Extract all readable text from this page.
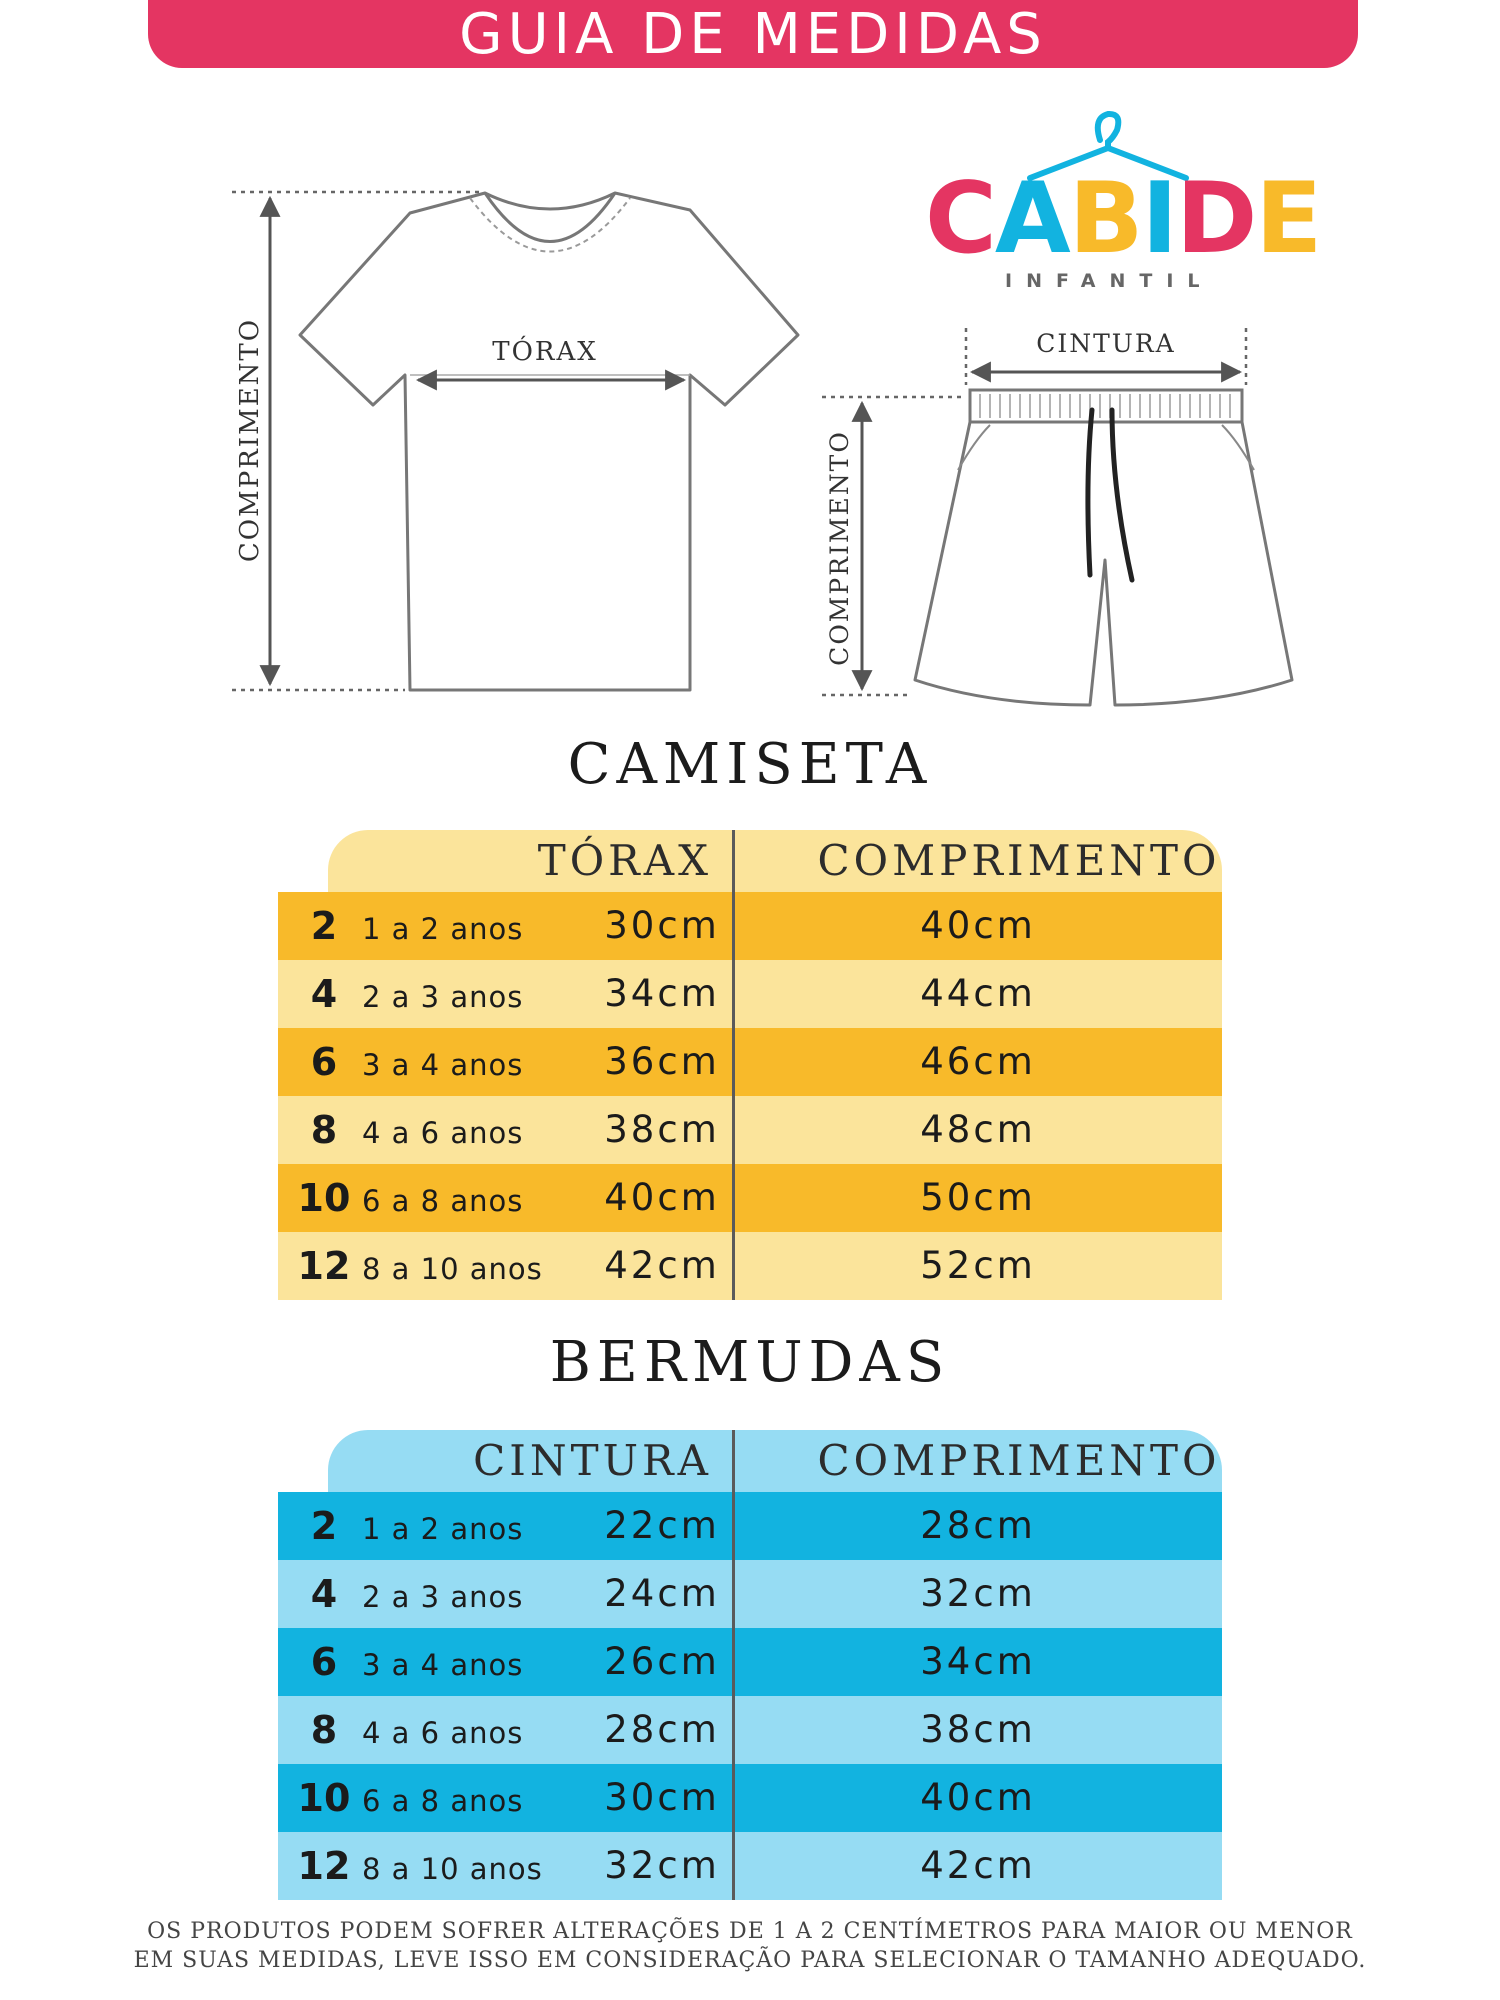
GUIA DE MEDIDAS
TÓRAX
COMPRIMENTO	CINTURA
COMPRIMENTO
CABIDE
INFANTIL
CAMISETA
TÓRAX	COMPRIMENTO
2 1 a 2 anos	30cm	40cm
4 2 a 3 anos	34cm	44cm
6 3 a 4 anos	36cm	46cm
8 4 a 6 anos	38cm	48cm
10 6 a 8 anos	40cm	50cm
12 8 a 10 anos	42cm	52cm
BERMUDAS
CINTURA	COMPRIMENTO
2 1 a 2 anos	22cm	28cm
4 2 a 3 anos	24cm	32cm
6 3 a 4 anos	26cm	34cm
8 4 a 6 anos	28cm	38cm
10 6 a 8 anos	30cm	40cm
12 8 a 10 anos	32cm	42cm
OS PRODUTOS PODEM SOFRER ALTERAÇÕES DE 1 A 2 CENTÍMETROS PARA MAIOR OU MENOR
EM SUAS MEDIDAS, LEVE ISSO EM CONSIDERAÇÃO PARA SELECIONAR O TAMANHO ADEQUADO.
